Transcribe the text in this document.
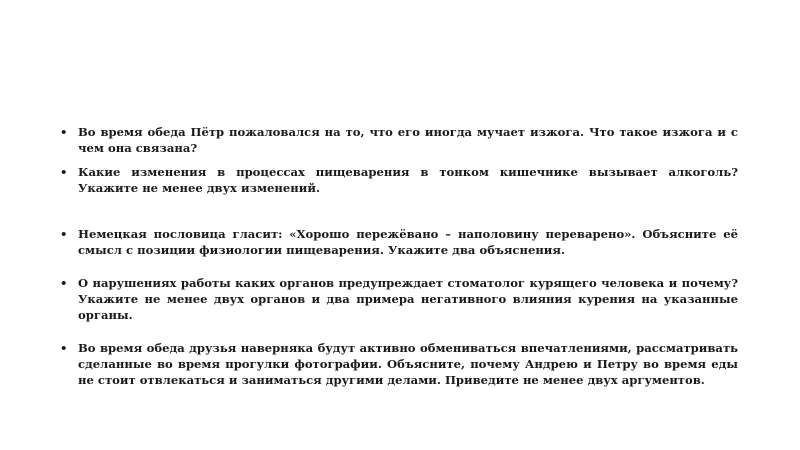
• Во время обеда Пётр пожаловался на то, что его иногда мучает изжога. Что такое изжога и с чем она связана?
• Какие изменения в процессах пищеварения в тонком кишечнике вызывает алкоголь? Укажите не менее двух изменений.
• Немецкая пословица гласит: «Хорошо пережёвано – наполовину переварено». Объясните её смысл с позиции физиологии пищеварения. Укажите два объяснения.
• О нарушениях работы каких органов предупреждает стоматолог курящего человека и почему? Укажите не менее двух органов и два примера негативного влияния курения на указанные органы.
• Во время обеда друзья наверняка будут активно обмениваться впечатлениями, рассматривать сделанные во время прогулки фотографии. Объясните, почему Андрею и Петру во время еды не стоит отвлекаться и заниматься другими делами. Приведите не менее двух аргументов.
